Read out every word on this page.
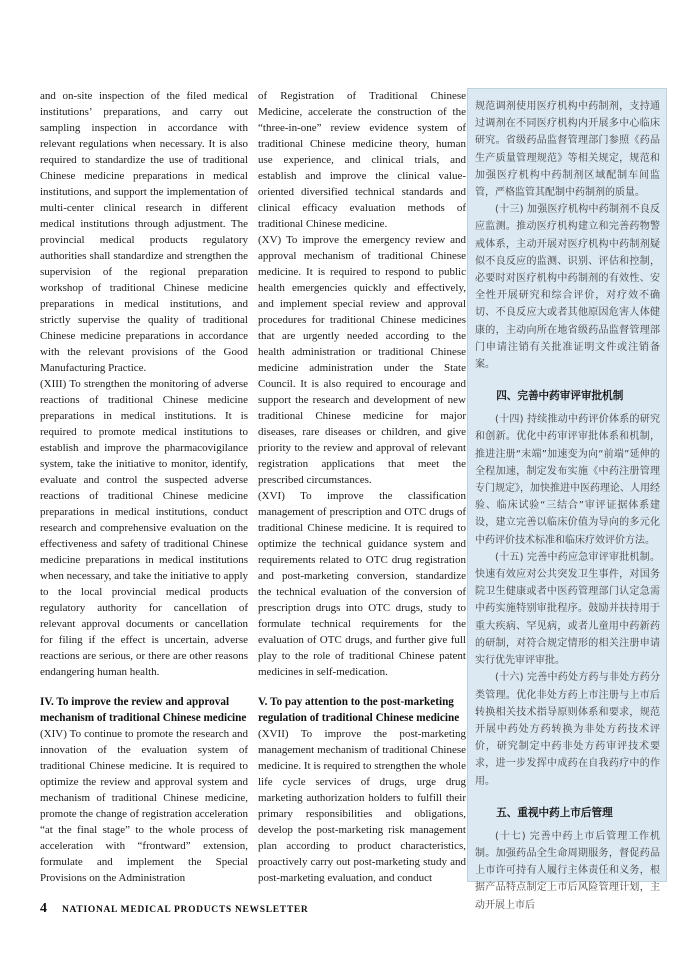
and on-site inspection of the filed medical institutions’ preparations, and carry out sampling inspection in accordance with relevant regulations when necessary. It is also required to standardize the use of traditional Chinese medicine preparations in medical institutions, and support the implementation of multi-center clinical research in different medical institutions through adjustment. The provincial medical products regulatory authorities shall standardize and strengthen the supervision of the regional preparation workshop of traditional Chinese medicine preparations in medical institutions, and strictly supervise the quality of traditional Chinese medicine preparations in accordance with the relevant provisions of the Good Manufacturing Practice.

(XIII) To strengthen the monitoring of adverse reactions of traditional Chinese medicine preparations in medical institutions. It is required to promote medical institutions to establish and improve the pharmacovigilance system, take the initiative to monitor, identify, evaluate and control the suspected adverse reactions of traditional Chinese medicine preparations in medical institutions, conduct research and comprehensive evaluation on the effectiveness and safety of traditional Chinese medicine preparations in medical institutions when necessary, and take the initiative to apply to the local provincial medical products regulatory authority for cancellation of relevant approval documents or cancellation for filing if the effect is uncertain, adverse reactions are serious, or there are other reasons endangering human health.

IV. To improve the review and approval mechanism of traditional Chinese medicine

(XIV) To continue to promote the research and innovation of the evaluation system of traditional Chinese medicine. It is required to optimize the review and approval system and mechanism of traditional Chinese medicine, promote the change of registration acceleration “at the final stage” to the whole process of acceleration with “frontward” extension, formulate and implement the Special Provisions on the Administration

of Registration of Traditional Chinese Medicine, accelerate the construction of the “three-in-one” review evidence system of traditional Chinese medicine theory, human use experience, and clinical trials, and establish and improve the clinical value-oriented diversified technical standards and clinical efficacy evaluation methods of traditional Chinese medicine.

(XV) To improve the emergency review and approval mechanism of traditional Chinese medicine. It is required to respond to public health emergencies quickly and effectively, and implement special review and approval procedures for traditional Chinese medicines that are urgently needed according to the health administration or traditional Chinese medicine administration under the State Council. It is also required to encourage and support the research and development of new traditional Chinese medicine for major diseases, rare diseases or children, and give priority to the review and approval of relevant registration applications that meet the prescribed circumstances.

(XVI) To improve the classification management of prescription and OTC drugs of traditional Chinese medicine. It is required to optimize the technical guidance system and requirements related to OTC drug registration and post-marketing conversion, standardize the technical evaluation of the conversion of prescription drugs into OTC drugs, study to formulate technical requirements for the evaluation of OTC drugs, and further give full play to the role of traditional Chinese patent medicines in self-medication.

V. To pay attention to the post-marketing regulation of traditional Chinese medicine

(XVII) To improve the post-marketing management mechanism of traditional Chinese medicine. It is required to strengthen the whole life cycle services of drugs, urge drug marketing authorization holders to fulfill their primary responsibilities and obligations, develop the post-marketing risk management plan according to product characteristics, proactively carry out post-marketing study and post-marketing evaluation, and conduct

规范调剂使用医疗机构中药制剂，支持通过调剂在不同医疗机构内开展多中心临床研究。省级药品监督管理部门参照《药品生产质量管理规范》等相关规定，规范和加强医疗机构中药制剂区域配制车间监管，严格监管其配制中药制剂的质量。

(十三) 加强医疗机构中药制剂不良反应监测。推动医疗机构建立和完善药物警戒体系，主动开展对医疗机构中药制剂疑似不良反应的监测、识别、评估和控制，必要时对医疗机构中药制剂的有效性、安全性开展研究和综合评价，对疗效不确切、不良反应大或者其他原因危害人体健康的，主动向所在地省级药品监督管理部门申请注销有关批准证明文件或注销备案。

四、完善中药审评审批机制

(十四) 持续推动中药评价体系的研究和创新。优化中药审评审批体系和机制，推进注册“末端”加速变为向“前端”延伸的全程加速，制定发布实施《中药注册管理专门规定》，加快推进中医药理论、人用经验、临床试验“三结合”审评证据体系建设，建立完善以临床价值为导向的多元化中药评价技术标准和临床疗效评价方法。

(十五) 完善中药应急审评审批机制。快速有效应对公共突发卫生事件，对国务院卫生健康或者中医药管理部门认定急需中药实施特别审批程序。鼓励并扶持用于重大疾病、罕见病，或者儿童用中药新药的研制，对符合规定情形的相关注册申请实行优先审评审批。

(十六) 完善中药处方药与非处方药分类管理。优化非处方药上市注册与上市后转换相关技术指导原则体系和要求，规范开展中药处方药转换为非处方药技术评价，研究制定中药非处方药审评技术要求，进一步发挥中成药在自我药疗中的作用。

五、重视中药上市后管理

(十七) 完善中药上市后管理工作机制。加强药品全生命周期服务，督促药品上市许可持有人履行主体责任和义务，根据产品特点制定上市后风险管理计划，主动开展上市后

4 NATIONAL MEDICAL PRODUCTS NEWSLETTER
